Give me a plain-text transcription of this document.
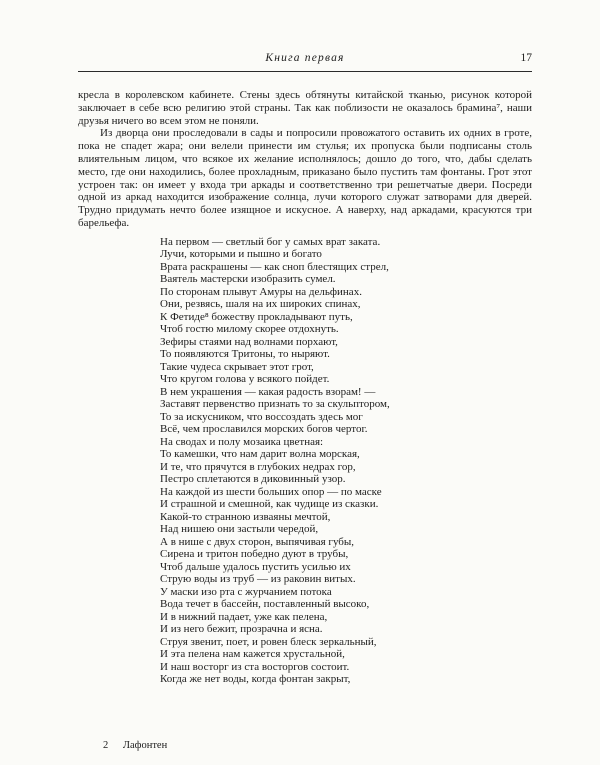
Книга первая	17

кресла в королевском кабинете. Стены здесь обтянуты китайской тканью, рисунок которой заключает в себе всю религию этой страны. Так как поблизости не оказалось брамина⁷, наши друзья ничего во всем этом не поняли.

Из дворца они проследовали в сады и попросили провожатого оставить их одних в гроте, пока не спадет жара; они велели принести им стулья; их пропуска были подписаны столь влиятельным лицом, что всякое их желание исполнялось; дошло до того, что, дабы сделать место, где они находились, более прохладным, приказано было пустить там фонтаны. Грот этот устроен так: он имеет у входа три аркады и соответственно три решетчатые двери. Посреди одной из аркад находится изображение солнца, лучи которого служат затворами для дверей. Трудно придумать нечто более изящное и искусное. А наверху, над аркадами, красуются три барельефа.

На первом — светлый бог у самых врат заката.
Лучи, которыми и пышно и богато
Врата раскрашены — как сноп блестящих стрел,
Ваятель мастерски изобразить сумел.
По сторонам плывут Амуры на дельфинах.
Они, резвясь, шаля на их широких спинах,
К Фетиде⁸ божеству прокладывают путь,
Чтоб гостю милому скорее отдохнуть.
Зефиры стаями над волнами порхают,
То появляются Тритоны, то ныряют.
Такие чудеса скрывает этот грот,
Что кругом голова у всякого пойдет.
В нем украшения — какая радость взорам! —
Заставят первенство признать то за скульптором,
То за искусником, что воссоздать здесь мог
Всё, чем прославился морских богов чертог.
На сводах и полу мозаика цветная:
То камешки, что нам дарит волна морская,
И те, что прячутся в глубоких недрах гор,
Пестро сплетаются в диковинный узор.
На каждой из шести больших опор — по маске
И страшной и смешной, как чудище из сказки.
Какой-то странною изваяны мечтой,
Над нишею они застыли чередой,
А в нише с двух сторон, выпячивая губы,
Сирена и тритон победно дуют в трубы,
Чтоб дальше удалось пустить усилью их
Струю воды из труб — из раковин витых.
У маски изо рта с журчанием потока
Вода течет в бассейн, поставленный высоко,
И в нижний падает, уже как пелена,
И из него бежит, прозрачна и ясна.
Струя звенит, поет, и ровен блеск зеркальный,
И эта пелена нам кажется хрустальной,
И наш восторг из ста восторгов состоит.
Когда же нет воды, когда фонтан закрыт,
2 Лафонтен
